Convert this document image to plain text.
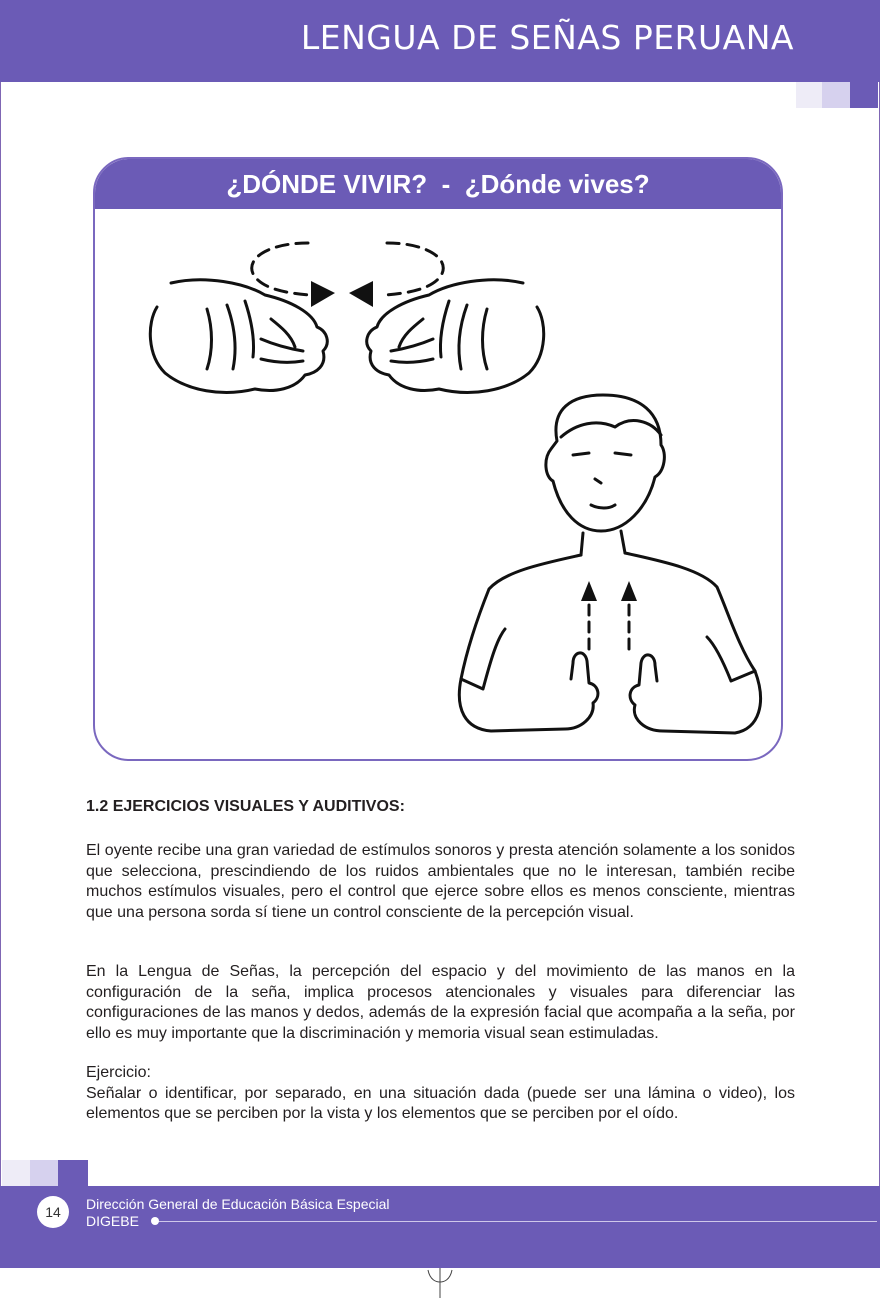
LENGUA DE SEÑAS PERUANA
¿DÓNDE VIVIR?  -  ¿Dónde vives?
1.2 EJERCICIOS VISUALES Y AUDITIVOS:

El oyente recibe una gran variedad de estímulos sonoros y presta atención solamente a los sonidos que selecciona, prescindiendo de los ruidos ambientales que no le interesan, también recibe muchos estímulos visuales, pero el control que ejerce sobre ellos es menos consciente, mientras que una persona sorda sí tiene un control consciente de la percepción visual.

En la Lengua de Señas, la percepción del espacio y del movimiento de las manos en la configuración de la seña, implica procesos atencionales y visuales para diferenciar las configuraciones de las manos y dedos, además de la expresión facial que acompaña a la seña, por ello es muy importante que la discriminación y memoria visual sean estimuladas.

Ejercicio:
Señalar o identificar, por separado, en una situación dada (puede ser una lámina o video), los elementos que se perciben por la vista y los elementos que se perciben por el oído.
14	Dirección General de Educación Básica Especial
DIGEBE
